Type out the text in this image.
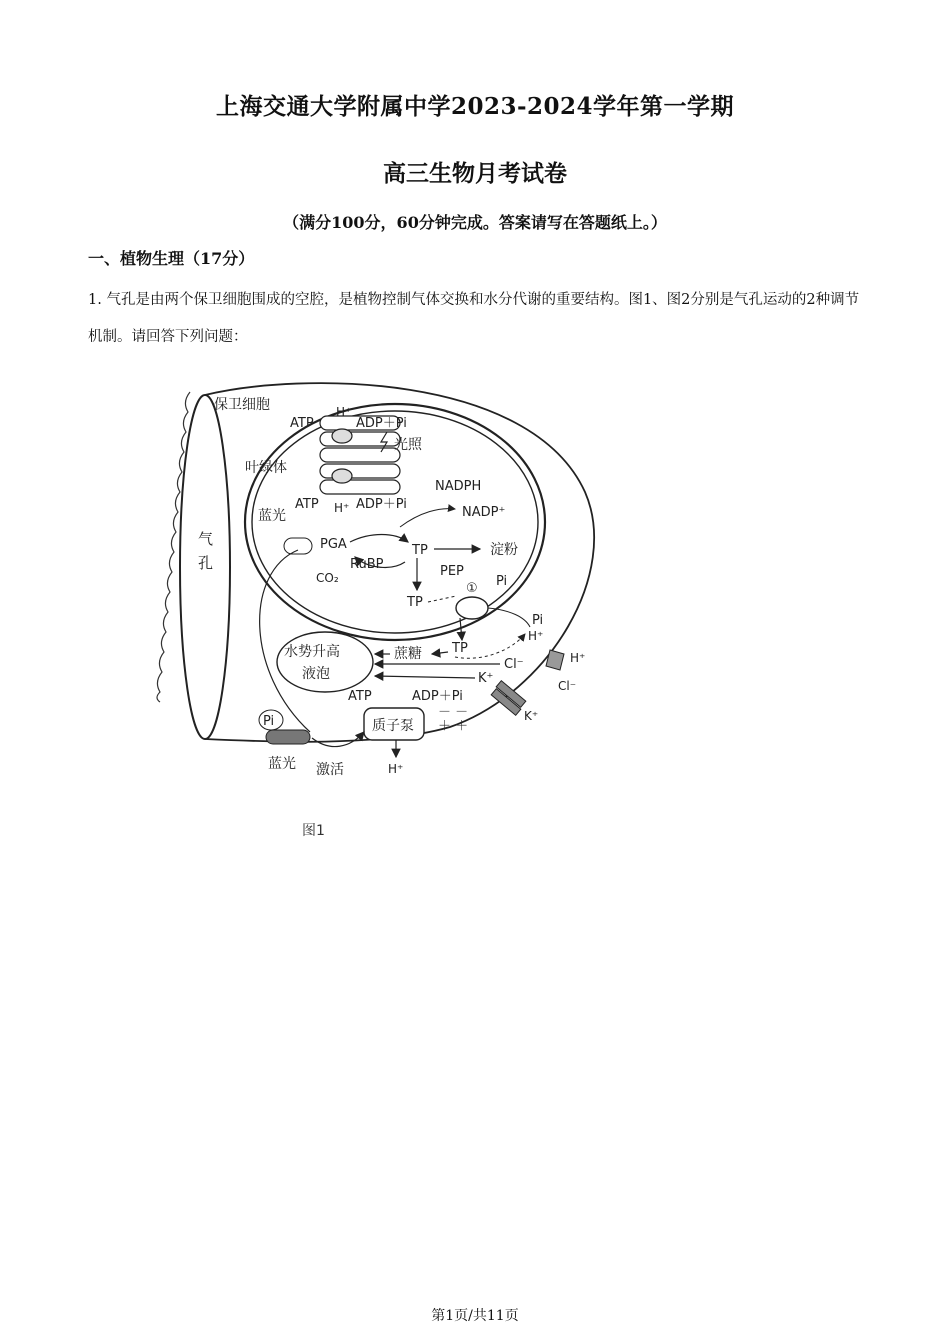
上海交通大学附属中学2023-2024学年第一学期
高三生物月考试卷
（满分100分，60分钟完成。答案请写在答题纸上。）
一、植物生理（17分）
1. 气孔是由两个保卫细胞围成的空腔，是植物控制气体交换和水分代谢的重要结构。图1、图2分别是气孔运动的2种调节机制。请回答下列问题：
保卫细胞
ATP
H⁺
ADP＋Pi
光照
叶绿体
ATP H⁺ ADP＋Pi
NADPH
NADP⁺
蓝光
PGA
CO₂
RuBP
TP	淀粉
PEP
TP
① Pi
TP
Pi
H⁺
水势升高
液泡
蔗糖
Cl⁻
K⁺
H⁺
Cl⁻
K⁺
ATP	ADP＋Pi
质子泵
－ －
＋ ＋
H⁺
Pi
蓝光 激活
气
孔
图1
第1页/共11页
